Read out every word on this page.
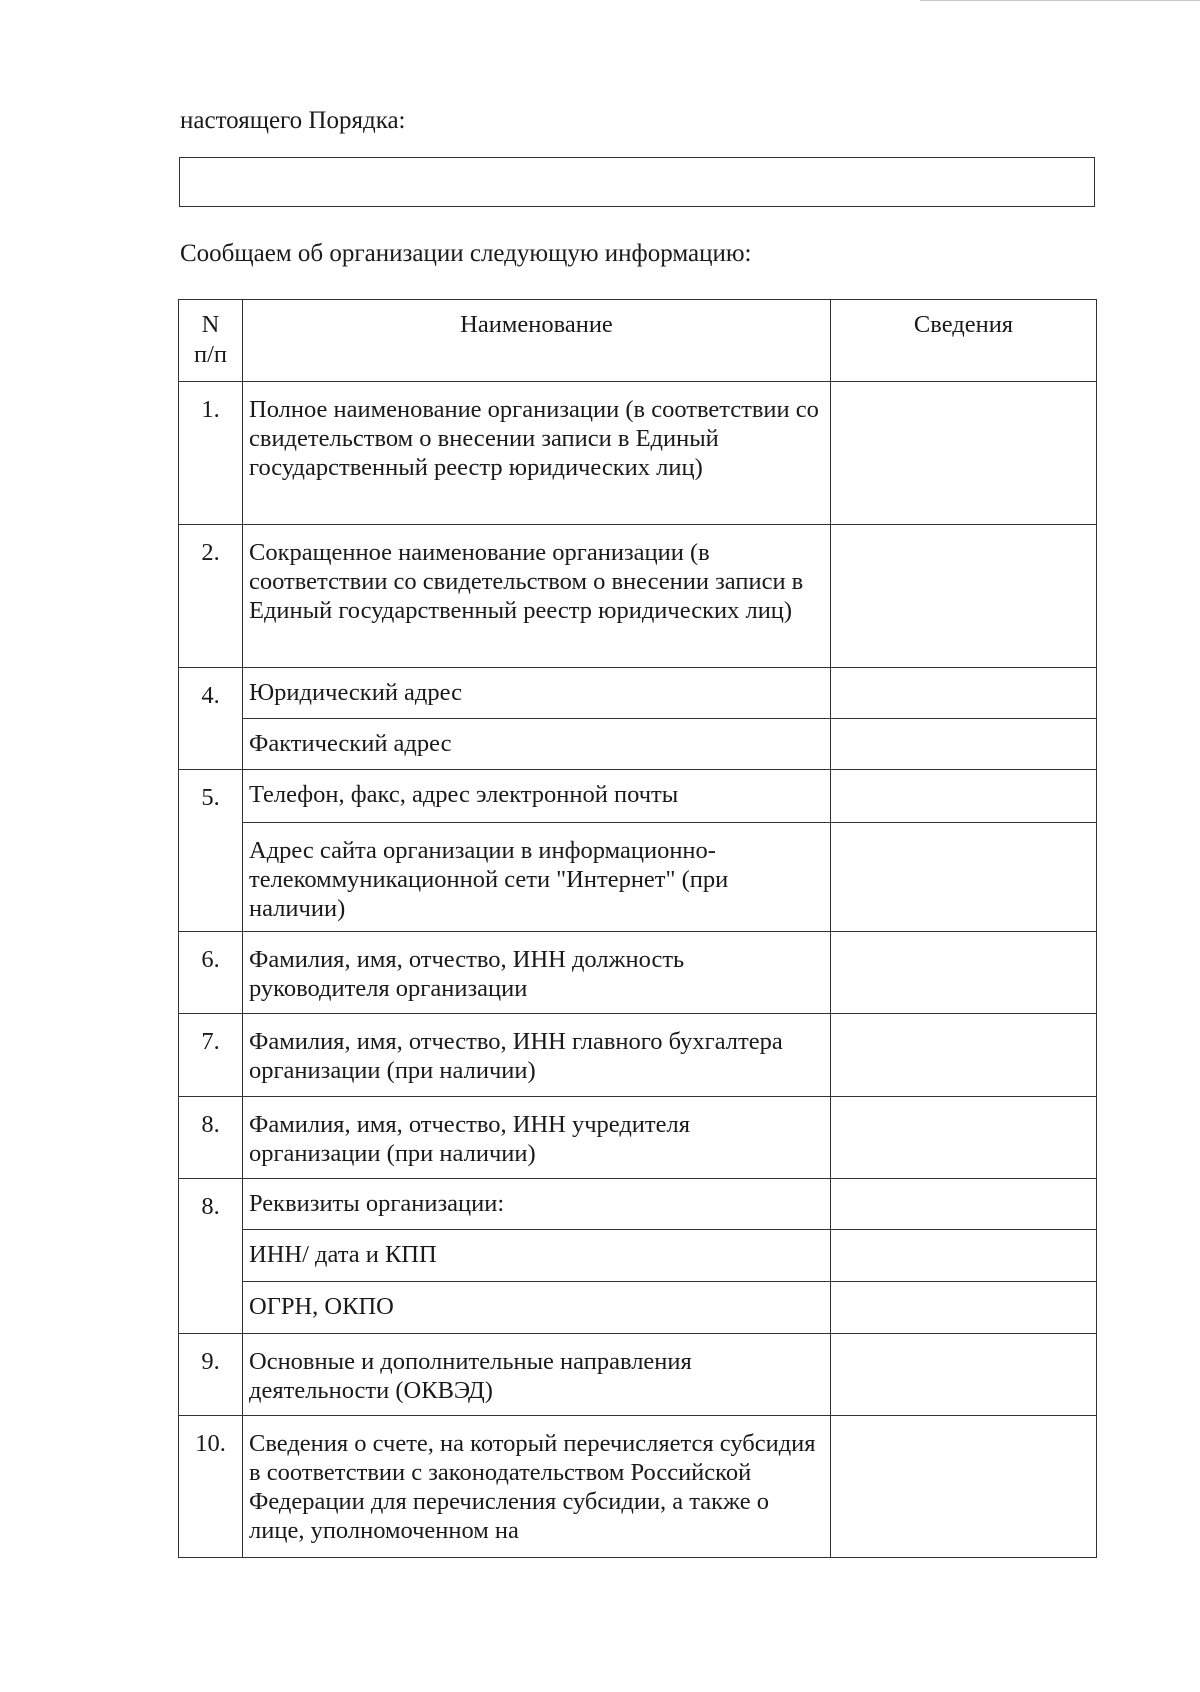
настоящего Порядка:
Сообщаем об организации следующую информацию:
N п/п	Наименование	Сведения
1.	Полное наименование организации (в соответствии со свидетельством о внесении записи в Единый государственный реестр юридических лиц)	
2.	Сокращенное наименование организации (в соответствии со свидетельством о внесении записи в Единый государственный реестр юридических лиц)	
4.	Юридический адрес	
	Фактический адрес	
5.	Телефон, факс, адрес электронной почты	
	Адрес сайта организации в информационно-телекоммуникационной сети "Интернет" (при наличии)	
6.	Фамилия, имя, отчество, ИНН должность руководителя организации	
7.	Фамилия, имя, отчество, ИНН главного бухгалтера организации (при наличии)	
8.	Фамилия, имя, отчество, ИНН учредителя организации (при наличии)	
8.	Реквизиты организации:	
	ИНН/ дата и КПП	
	ОГРН, ОКПО	
9.	Основные и дополнительные направления деятельности (ОКВЭД)	
10.	Сведения о счете, на который перечисляется субсидия в соответствии с законодательством Российской Федерации для перечисления субсидии, а также о лице, уполномоченном на	
